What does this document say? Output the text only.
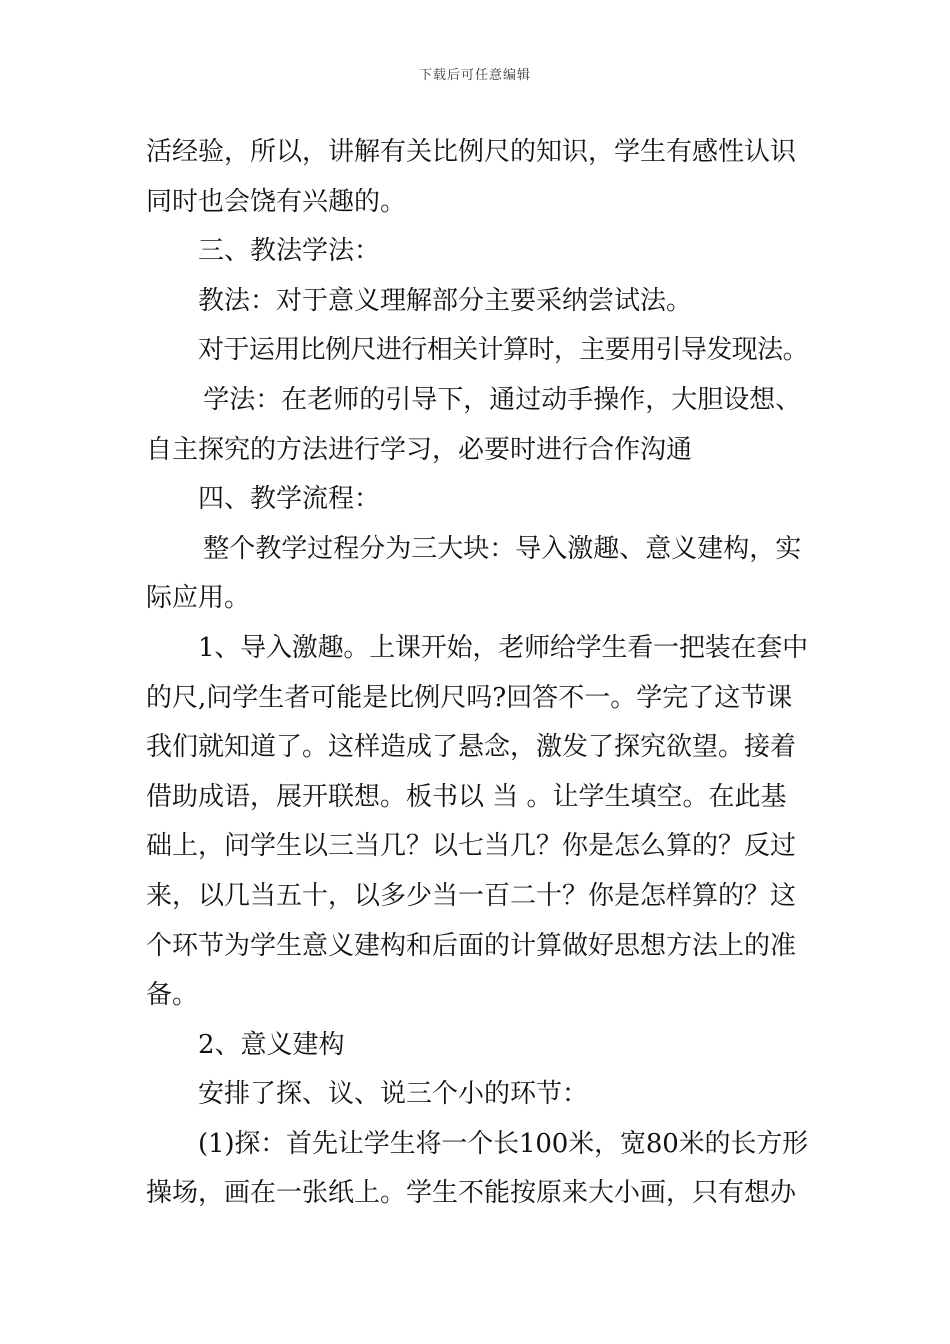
下载后可任意编辑
活经验，所以，讲解有关比例尺的知识，学生有感性认识
同时也会饶有兴趣的。
三、教法学法：
教法：对于意义理解部分主要采纳尝试法。
对于运用比例尺进行相关计算时，主要用引导发现法。
学法：在老师的引导下，通过动手操作，大胆设想、
自主探究的方法进行学习，必要时进行合作沟通
四、教学流程：
整个教学过程分为三大块：导入激趣、意义建构，实
际应用。
1、导入激趣。上课开始，老师给学生看一把装在套中
的尺,问学生者可能是比例尺吗?回答不一。学完了这节课
我们就知道了。这样造成了悬念，激发了探究欲望。接着
借助成语，展开联想。板书以 当 。让学生填空。在此基
础上，问学生以三当几？以七当几？你是怎么算的？反过
来，以几当五十，以多少当一百二十？你是怎样算的？这
个环节为学生意义建构和后面的计算做好思想方法上的准
备。
2、意义建构
安排了探、议、说三个小的环节：
(1)探：首先让学生将一个长100米，宽80米的长方形
操场，画在一张纸上。学生不能按原来大小画，只有想办
